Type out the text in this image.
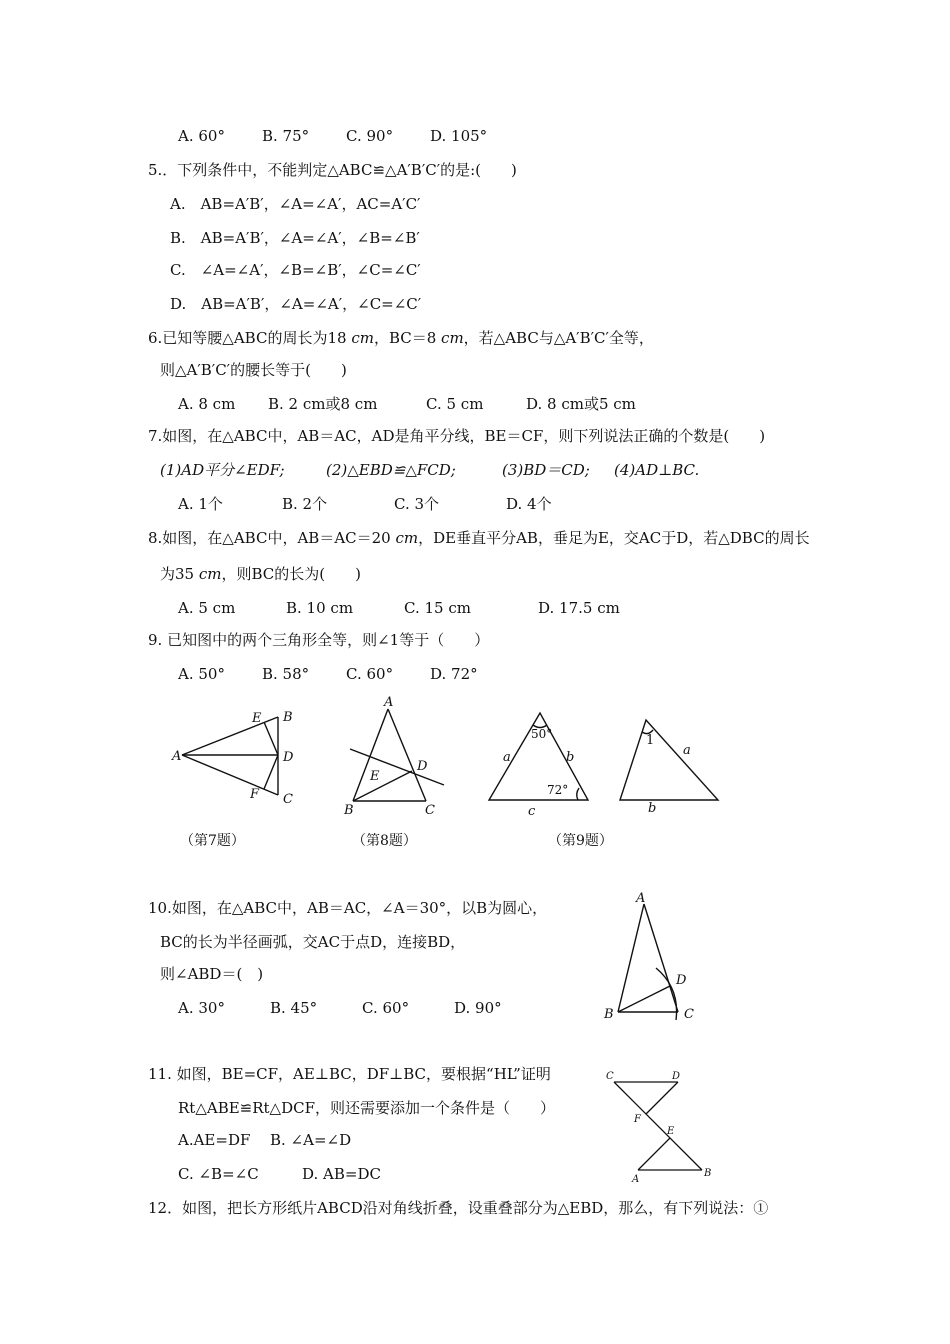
A. 60° B. 75° C. 90° D. 105°
5.．下列条件中，不能判定△ABC≌△A′B′C′的是:(　　)
A.　AB=A′B′，∠A=∠A′，AC=A′C′
B.　AB=A′B′，∠A=∠A′，∠B=∠B′
C.　∠A=∠A′，∠B=∠B′，∠C=∠C′
D.　AB=A′B′，∠A=∠A′，∠C=∠C′
6.已知等腰△ABC的周长为18 cm，BC＝8 cm，若△ABC与△A′B′C′全等，
则△A′B′C′的腰长等于(　　)
A. 8 cm B. 2 cm或8 cm	C. 5 cm	D. 8 cm或5 cm
7.如图，在△ABC中，AB＝AC，AD是角平分线，BE＝CF，则下列说法正确的个数是(　　)
(1)AD平分∠EDF;	(2)△EBD≌△FCD;	(3)BD＝CD; (4)AD⊥BC.
A. 1个	B. 2个	C. 3个	D. 4个
8.如图，在△ABC中，AB＝AC＝20 cm，DE垂直平分AB，垂足为E，交AC于D，若△DBC的周长
为35 cm，则BC的长为(　　)
A. 5 cm	B. 10 cm	C. 15 cm	D. 17.5 cm
9. 已知图中的两个三角形全等，则∠1等于（　　）
A. 50° B. 58° C. 60° D. 72°
A
B
C
D
E
F
（第7题）
A
B	C
D
E
（第8题）
a	b
c
50°
72°
1
a
b
（第9题）
10.如图，在△ABC中，AB＝AC，∠A＝30°，以B为圆心，
BC的长为半径画弧，交AC于点D，连接BD，
则∠ABD＝(　)
A. 30°	B. 45°	C. 60°	D. 90°
A
B	C
D
11. 如图，BE=CF，AE⊥BC，DF⊥BC，要根据“HL”证明
Rt△ABE≌Rt△DCF，则还需要添加一个条件是（　　）
A.AE=DF B. ∠A=∠D
C. ∠B=∠C	D. AB=DC
C	D
F
E
A
B
12．如图，把长方形纸片ABCD沿对角线折叠，设重叠部分为△EBD，那么，有下列说法：①
